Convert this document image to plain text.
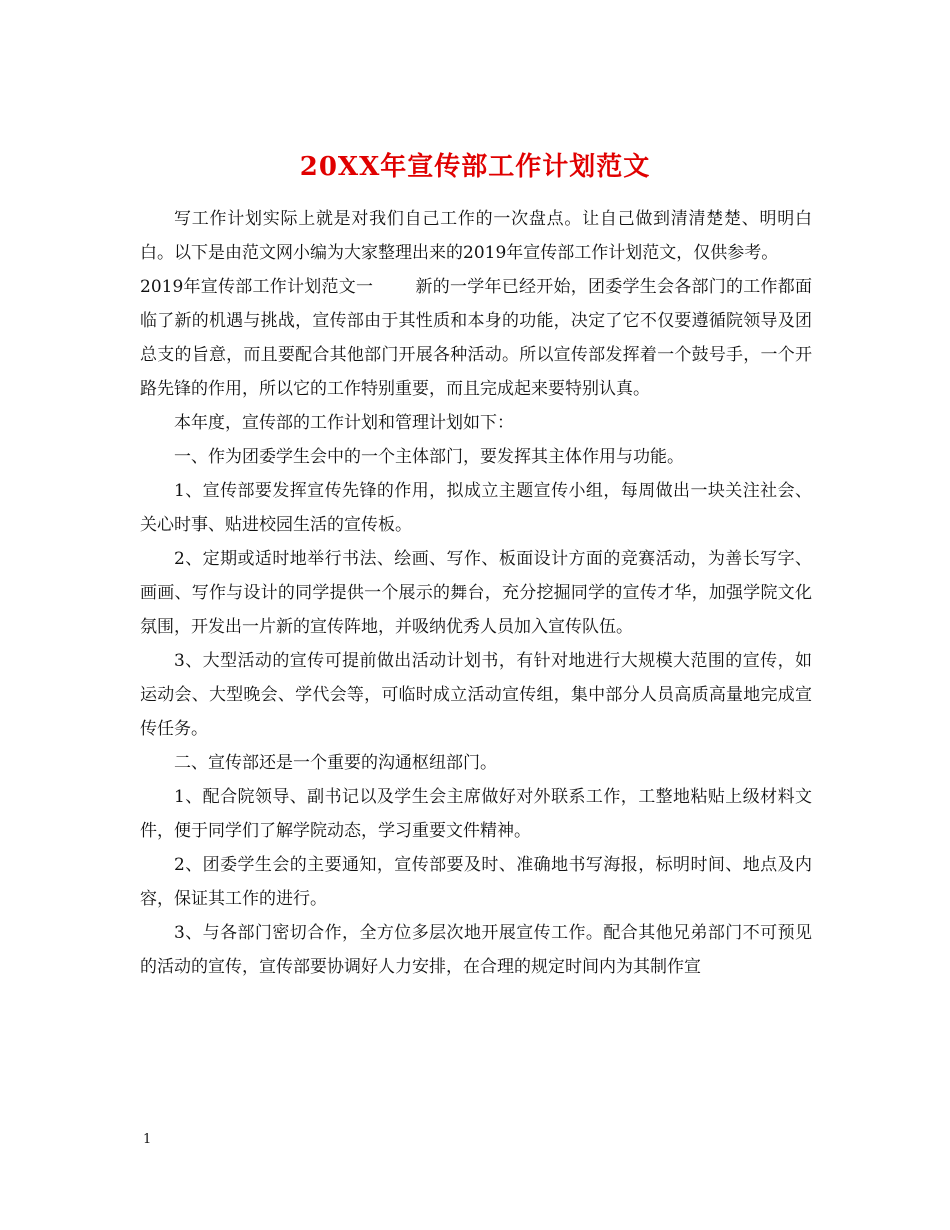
20XX年宣传部工作计划范文

写工作计划实际上就是对我们自己工作的一次盘点。让自己做到清清楚楚、明明白白。以下是由范文网小编为大家整理出来的2019年宣传部工作计划范文，仅供参考。

2019年宣传部工作计划范文一 新的一学年已经开始，团委学生会各部门的工作都面临了新的机遇与挑战，宣传部由于其性质和本身的功能，决定了它不仅要遵循院领导及团总支的旨意，而且要配合其他部门开展各种活动。所以宣传部发挥着一个鼓号手，一个开路先锋的作用，所以它的工作特别重要，而且完成起来要特别认真。

本年度，宣传部的工作计划和管理计划如下：

一、作为团委学生会中的一个主体部门，要发挥其主体作用与功能。

1、宣传部要发挥宣传先锋的作用，拟成立主题宣传小组，每周做出一块关注社会、关心时事、贴进校园生活的宣传板。

2、定期或适时地举行书法、绘画、写作、板面设计方面的竞赛活动，为善长写字、画画、写作与设计的同学提供一个展示的舞台，充分挖掘同学的宣传才华，加强学院文化氛围，开发出一片新的宣传阵地，并吸纳优秀人员加入宣传队伍。

3、大型活动的宣传可提前做出活动计划书，有针对地进行大规模大范围的宣传，如运动会、大型晚会、学代会等，可临时成立活动宣传组，集中部分人员高质高量地完成宣传任务。

二、宣传部还是一个重要的沟通枢纽部门。

1、配合院领导、副书记以及学生会主席做好对外联系工作，工整地粘贴上级材料文件，便于同学们了解学院动态，学习重要文件精神。

2、团委学生会的主要通知，宣传部要及时、准确地书写海报，标明时间、地点及内容，保证其工作的进行。

3、与各部门密切合作，全方位多层次地开展宣传工作。配合其他兄弟部门不可预见的活动的宣传，宣传部要协调好人力安排，在合理的规定时间内为其制作宣

1
